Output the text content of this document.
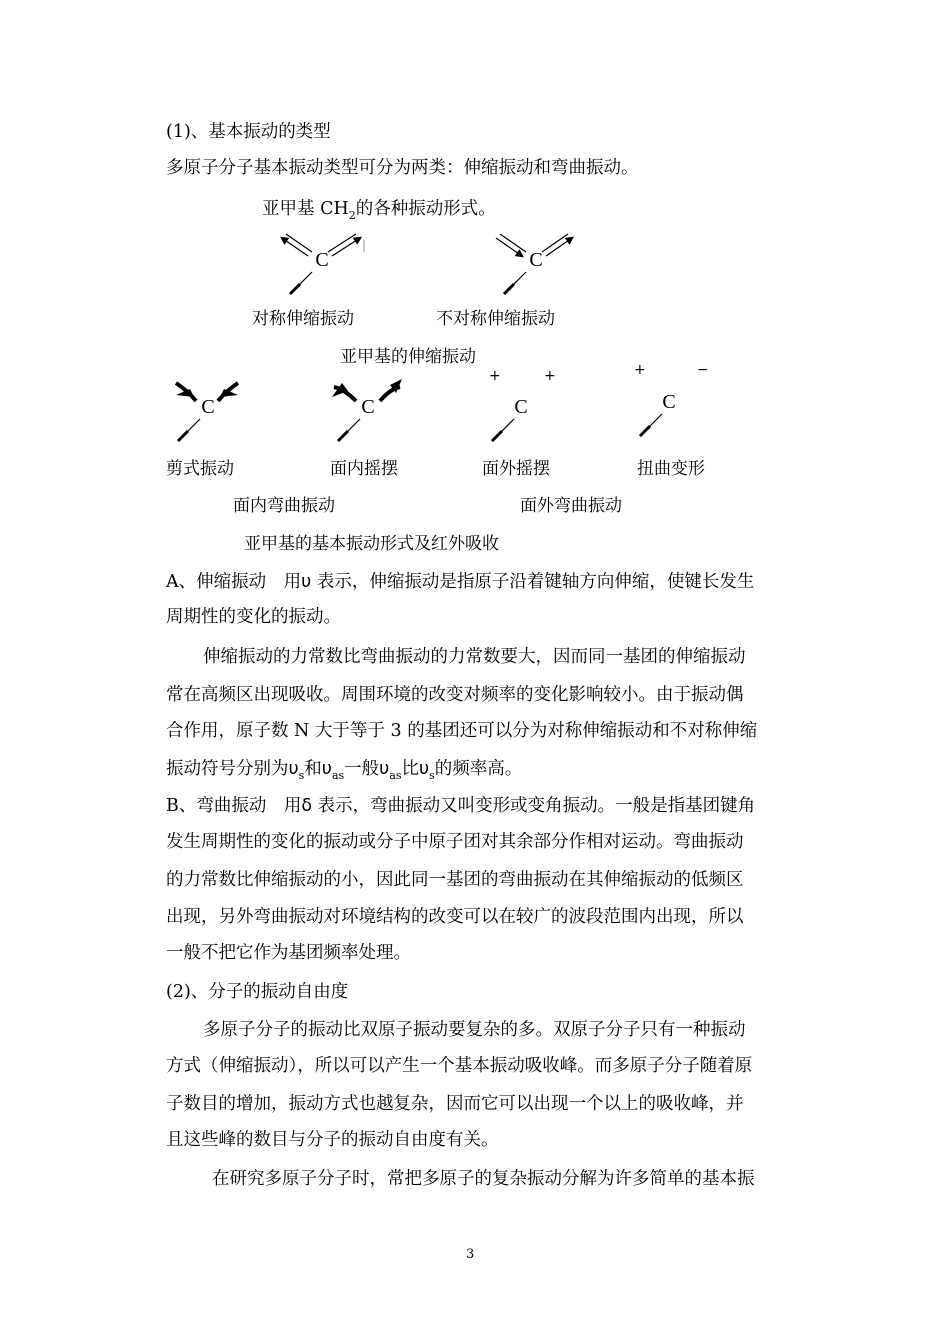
(1)、基本振动的类型
多原子分子基本振动类型可分为两类：伸缩振动和弯曲振动。
亚甲基 $CH_2$的各种振动形式。
C	C
对称伸缩振动	不对称伸缩振动
亚甲基的伸缩振动
C	C
+	+
C
+	−
C
剪式振动	面内摇摆	面外摇摆	扭曲变形
面内弯曲振动	面外弯曲振动
亚甲基的基本振动形式及红外吸收
A、伸缩振动　用υ 表示，伸缩振动是指原子沿着键轴方向伸缩，使键长发生
周期性的变化的振动。
伸缩振动的力常数比弯曲振动的力常数要大，因而同一基团的伸缩振动
常在高频区出现吸收。周围环境的改变对频率的变化影响较小。由于振动偶
合作用，原子数 N 大于等于 3 的基团还可以分为对称伸缩振动和不对称伸缩
振动符号分别为$\upsilon_s$和$\upsilon_{as}$一般$\upsilon_{as}$比$\upsilon_s$的频率高。
B、弯曲振动　用δ 表示，弯曲振动又叫变形或变角振动。一般是指基团键角
发生周期性的变化的振动或分子中原子团对其余部分作相对运动。弯曲振动
的力常数比伸缩振动的小，因此同一基团的弯曲振动在其伸缩振动的低频区
出现，另外弯曲振动对环境结构的改变可以在较广的波段范围内出现，所以
一般不把它作为基团频率处理。
(2)、分子的振动自由度
多原子分子的振动比双原子振动要复杂的多。双原子分子只有一种振动
方式（伸缩振动），所以可以产生一个基本振动吸收峰。而多原子分子随着原
子数目的增加，振动方式也越复杂，因而它可以出现一个以上的吸收峰，并
且这些峰的数目与分子的振动自由度有关。
在研究多原子分子时，常把多原子的复杂振动分解为许多简单的基本振
3
